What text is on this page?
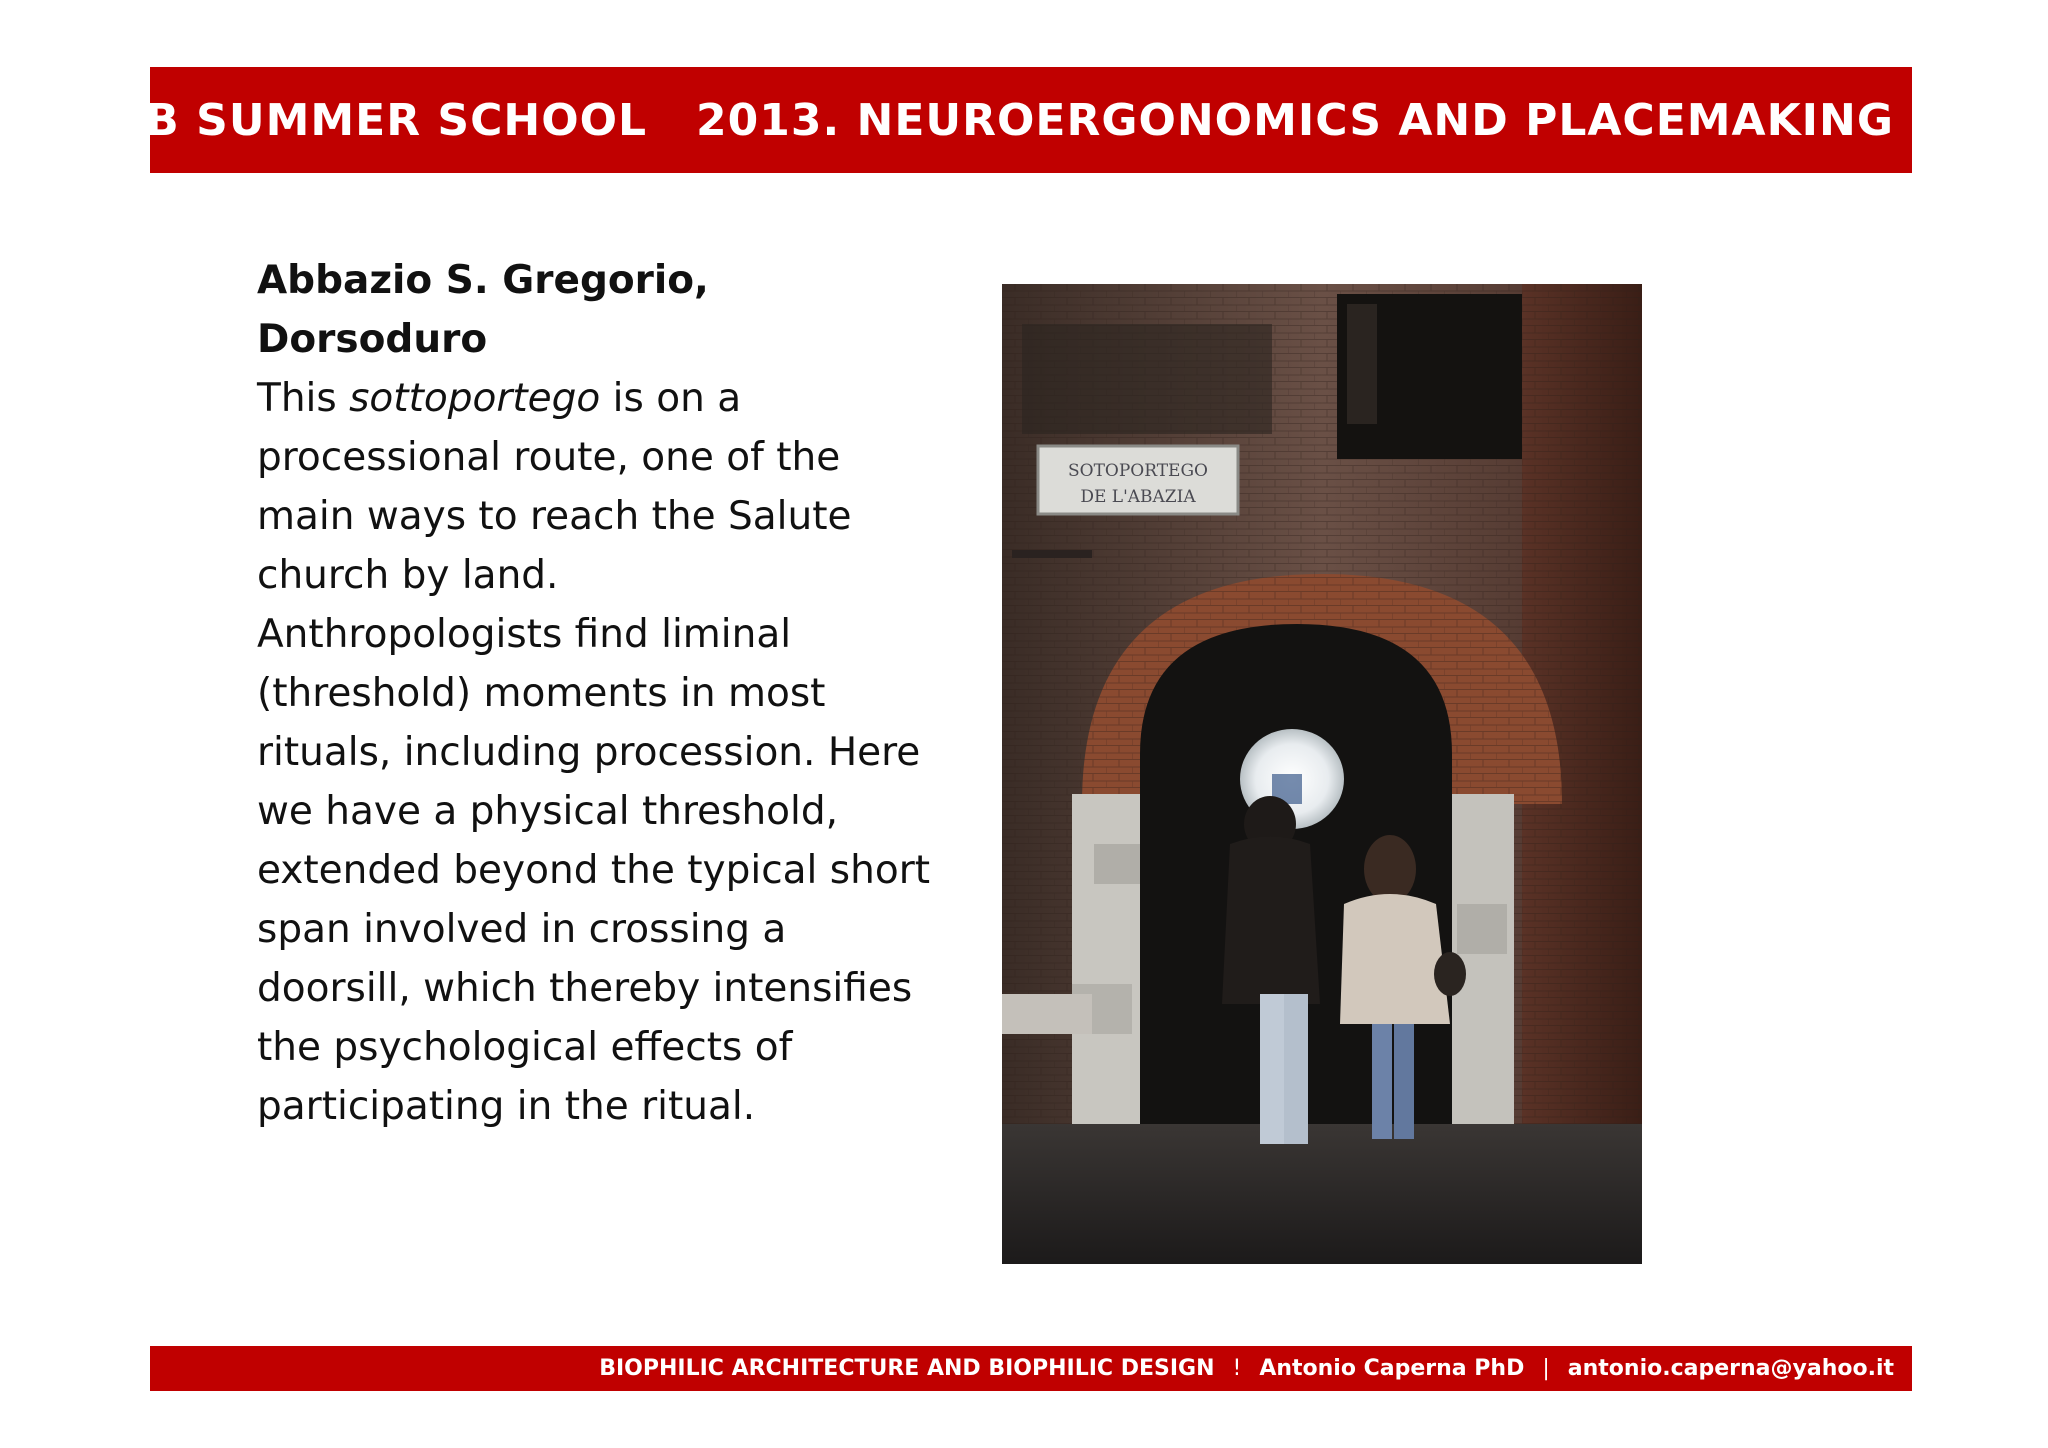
ISB SUMMER SCHOOL   2013. NEUROERGONOMICS AND PLACEMAKING
Abbazio S. Gregorio, Dorsoduro

This sottoportego is on a processional route, one of the main ways to reach the Salute church by land.

Anthropologists find liminal (threshold) moments in most rituals, including procession. Here we have a physical threshold, extended beyond the typical short span involved in crossing a doorsill, which thereby intensifies the psychological effects of participating in the ritual.

SOTOPORTEGO
DE L'ABAZIA
BIOPHILIC ARCHITECTURE AND BIOPHILIC DESIGN ! Antonio Caperna PhD | antonio.caperna@yahoo.it
